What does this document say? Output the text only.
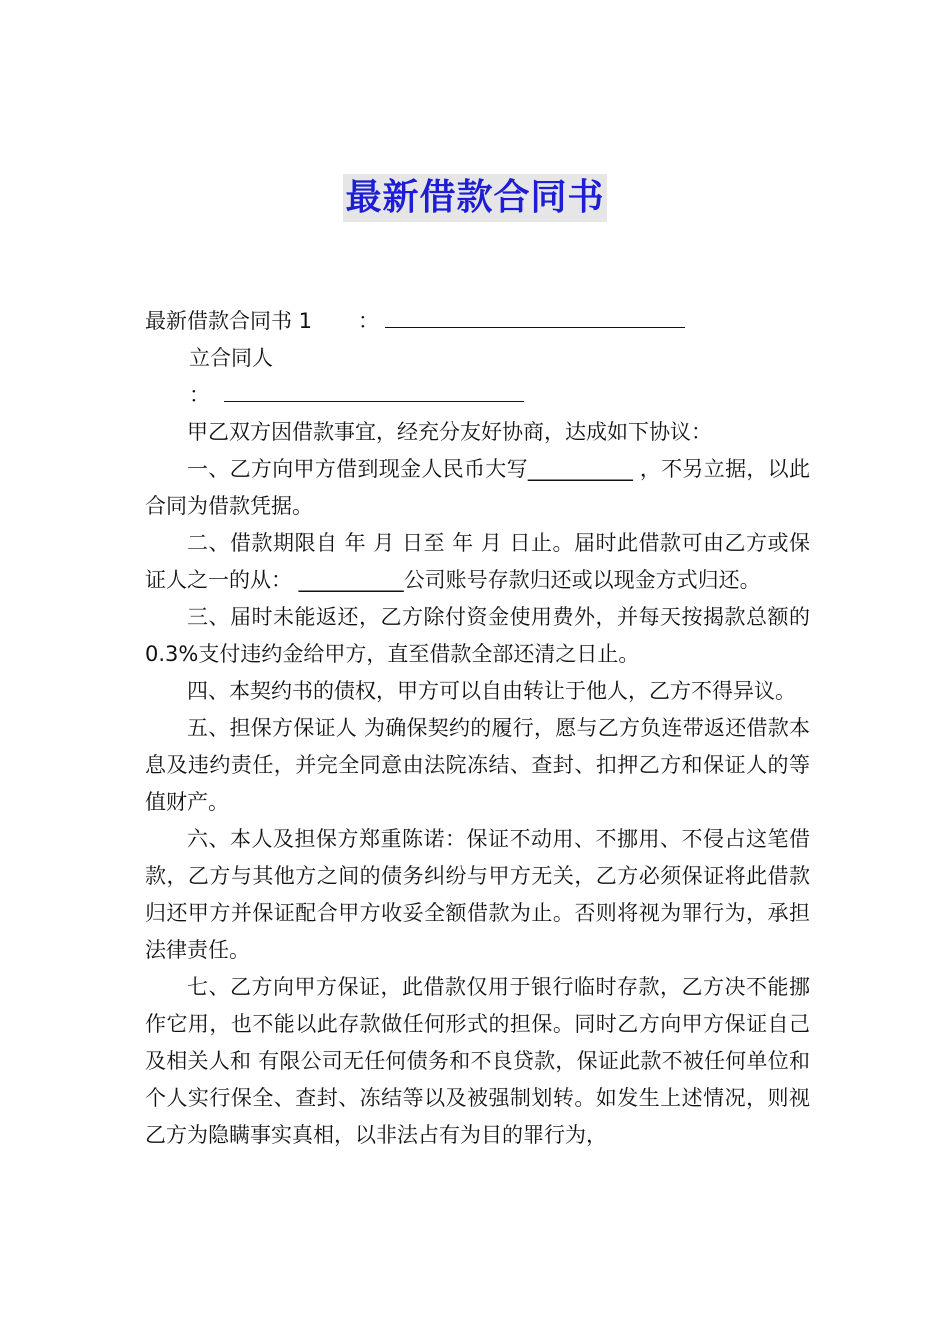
最新借款合同书
最新借款合同书 1 ：
立合同人
：

甲乙双方因借款事宜，经充分友好协商，达成如下协议：

一、乙方向甲方借到现金人民币大写__________ ，不另立据，以此合同为借款凭据。

二、借款期限自 年 月 日至 年 月 日止。届时此借款可由乙方或保证人之一的从： __________公司账号存款归还或以现金方式归还。

三、届时未能返还，乙方除付资金使用费外，并每天按揭款总额的 0.3%支付违约金给甲方，直至借款全部还清之日止。

四、本契约书的债权，甲方可以自由转让于他人，乙方不得异议。

五、担保方保证人 为确保契约的履行，愿与乙方负连带返还借款本息及违约责任，并完全同意由法院冻结、查封、扣押乙方和保证人的等值财产。

六、本人及担保方郑重陈诺：保证不动用、不挪用、不侵占这笔借款，乙方与其他方之间的债务纠纷与甲方无关，乙方必须保证将此借款归还甲方并保证配合甲方收妥全额借款为止。否则将视为罪行为，承担法律责任。

七、乙方向甲方保证，此借款仅用于银行临时存款，乙方决不能挪作它用，也不能以此存款做任何形式的担保。同时乙方向甲方保证自己及相关人和 有限公司无任何债务和不良贷款，保证此款不被任何单位和个人实行保全、查封、冻结等以及被强制划转。如发生上述情况，则视乙方为隐瞒事实真相，以非法占有为目的罪行为，
